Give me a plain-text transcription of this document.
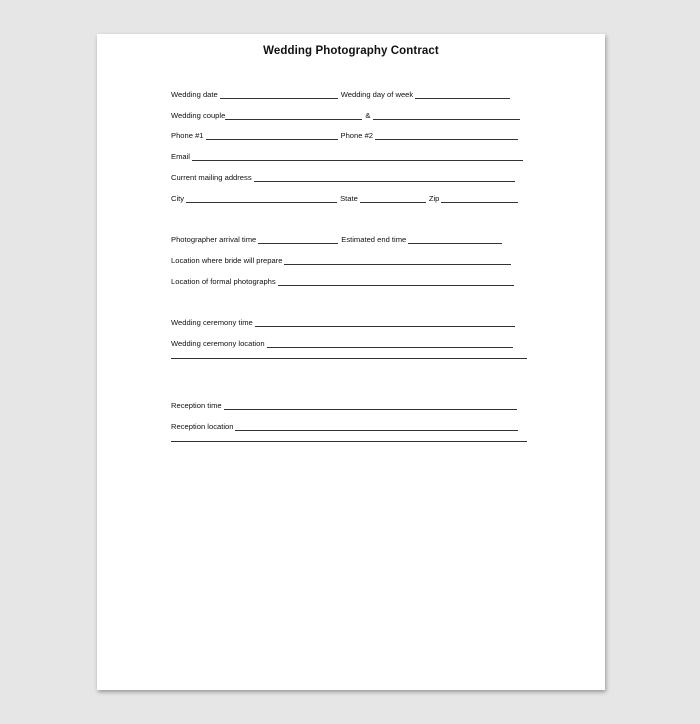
Wedding Photography Contract
Wedding date	Wedding day of week
Wedding couple	&
Phone #1	Phone #2
Email
Current mailing address
City	State	Zip
Photographer arrival time	Estimated end time
Location where bride will prepare
Location of formal photographs
Wedding ceremony time
Wedding ceremony location
Reception time
Reception location
